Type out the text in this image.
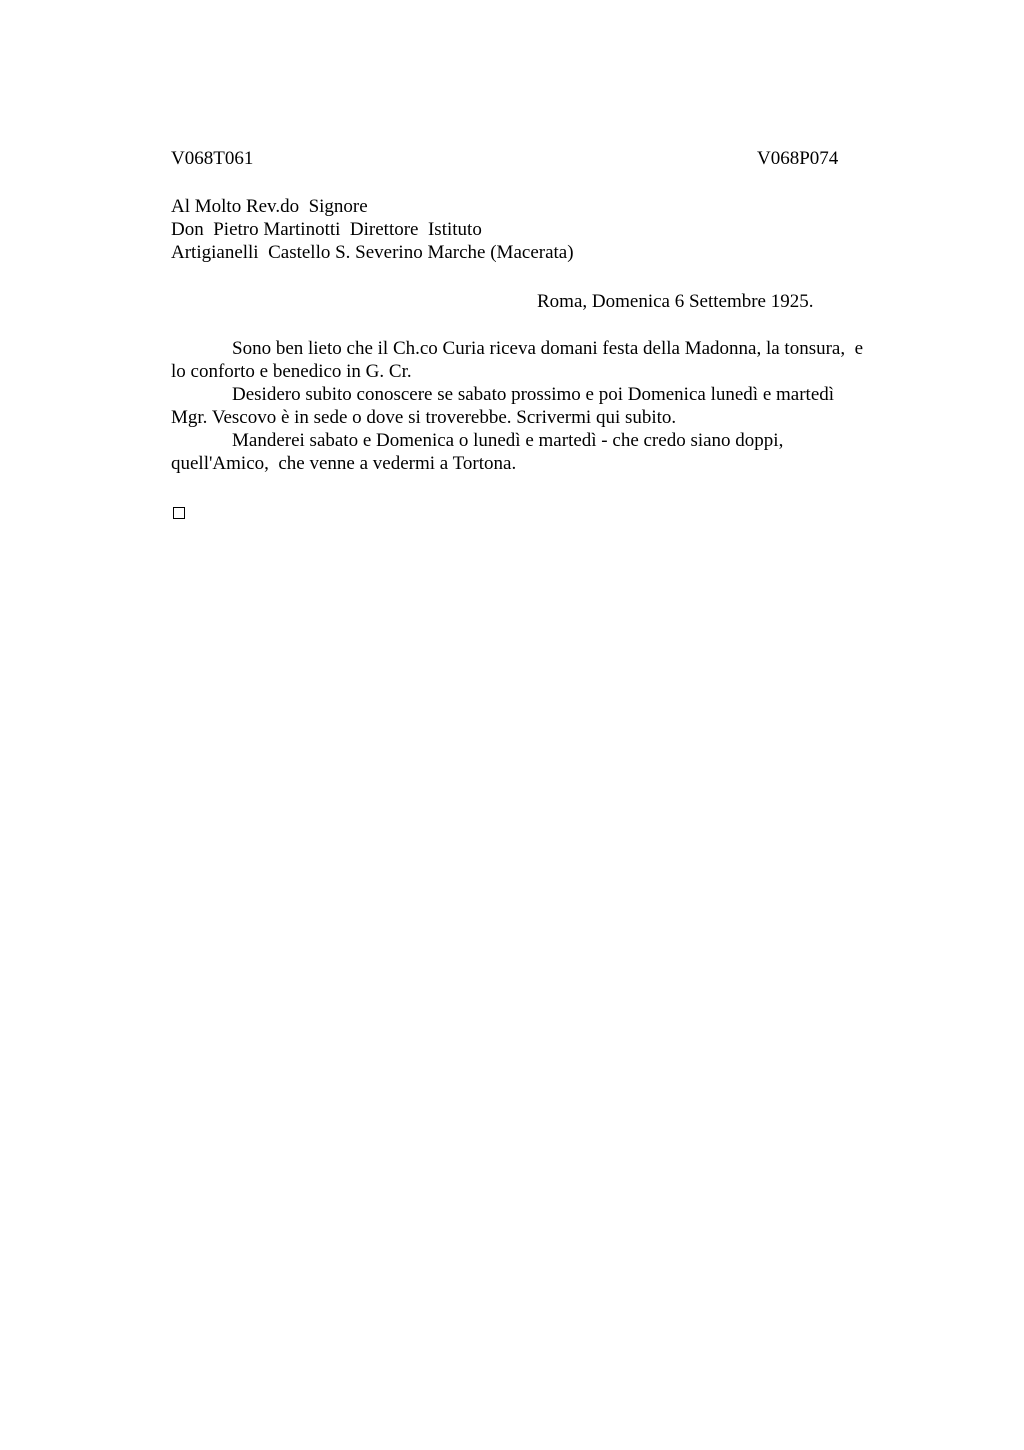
V068T061	V068P074
Al Molto Rev.do  Signore
Don  Pietro Martinotti  Direttore  Istituto
Artigianelli  Castello S. Severino Marche (Macerata)
Roma, Domenica 6 Settembre 1925.
Sono ben lieto che il Ch.co Curia riceva domani festa della Madonna, la tonsura,  e
lo conforto e benedico in G. Cr.
Desidero subito conoscere se sabato prossimo e poi Domenica lunedì e martedì
Mgr. Vescovo è in sede o dove si troverebbe. Scrivermi qui subito.
Manderei sabato e Domenica o lunedì e martedì - che credo siano doppi,
quell'Amico,  che venne a vedermi a Tortona.
